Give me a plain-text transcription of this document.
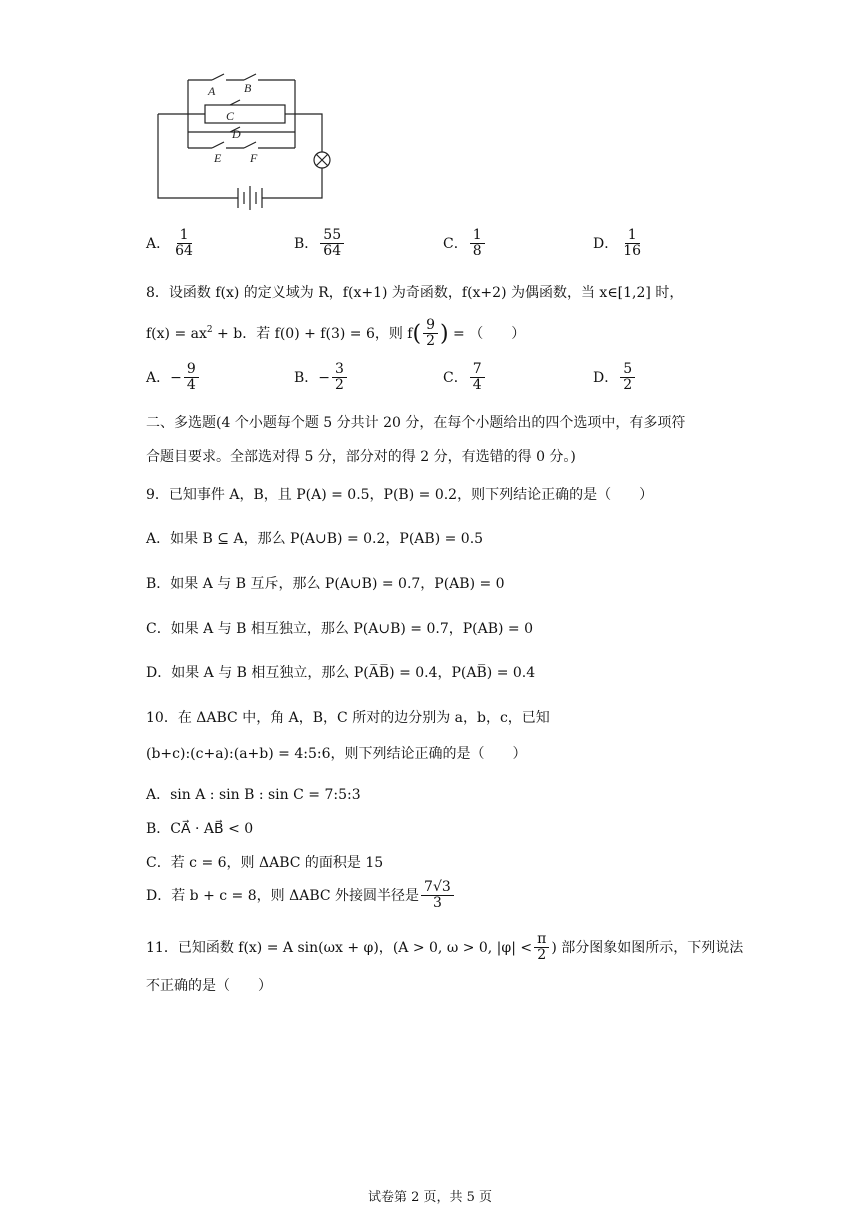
A B
C
D
E F
A． $\frac{1}{64}$	B． $\frac{55}{64}$	C． $\frac{1}{8}$	D． $\frac{1}{16}$
8．设函数 f(x) 的定义域为 R，f(x+1) 为奇函数，f(x+2) 为偶函数，当 x∈[1,2] 时，
$f(x) = ax^2 + b$．若 f(0) + f(3) = 6，则 $f( \frac{9}{2}$ ) = （　　）
A．− $\frac{9}{4}$	B．− $\frac{3}{2}$	C． $\frac{7}{4}$	D． $\frac{5}{2}$
二、多选题(4 个小题每个题 5 分共计 20 分，在每个小题给出的四个选项中，有多项符
合题目要求。全部选对得 5 分，部分对的得 2 分，有选错的得 0 分。)
9．已知事件 A，B，且 P(A) = 0.5，P(B) = 0.2，则下列结论正确的是（　　）
A．如果 B ⊆ A，那么 P(A∪B) = 0.2，P(AB) = 0.5
B．如果 A 与 B 互斥，那么 P(A∪B) = 0.7，P(AB) = 0
C．如果 A 与 B 相互独立，那么 P(A∪B) = 0.7，P(AB) = 0
D．如果 A 与 B 相互独立，那么 P(A̅B̅) = 0.4，P(AB̅) = 0.4
10．在 ΔABC 中，角 A，B，C 所对的边分别为 a，b，c，已知
(b+c):(c+a):(a+b) = 4:5:6，则下列结论正确的是（　　）
A．sin A : sin B : sin C = 7:5:3
B．CA⃗ · AB⃗ < 0
C．若 c = 6，则 ΔABC 的面积是 15
D．若 b + c = 8，则 ΔABC 外接圆半径是 $\frac{7√3}{3}$
11．已知函数 f(x) = A sin(ωx + φ)，(A > 0, ω > 0, $|\varphi| < \frac{\pi}{2}$ ) 部分图象如图所示，下列说法
不正确的是（　　）
试卷第 2 页，共 5 页
